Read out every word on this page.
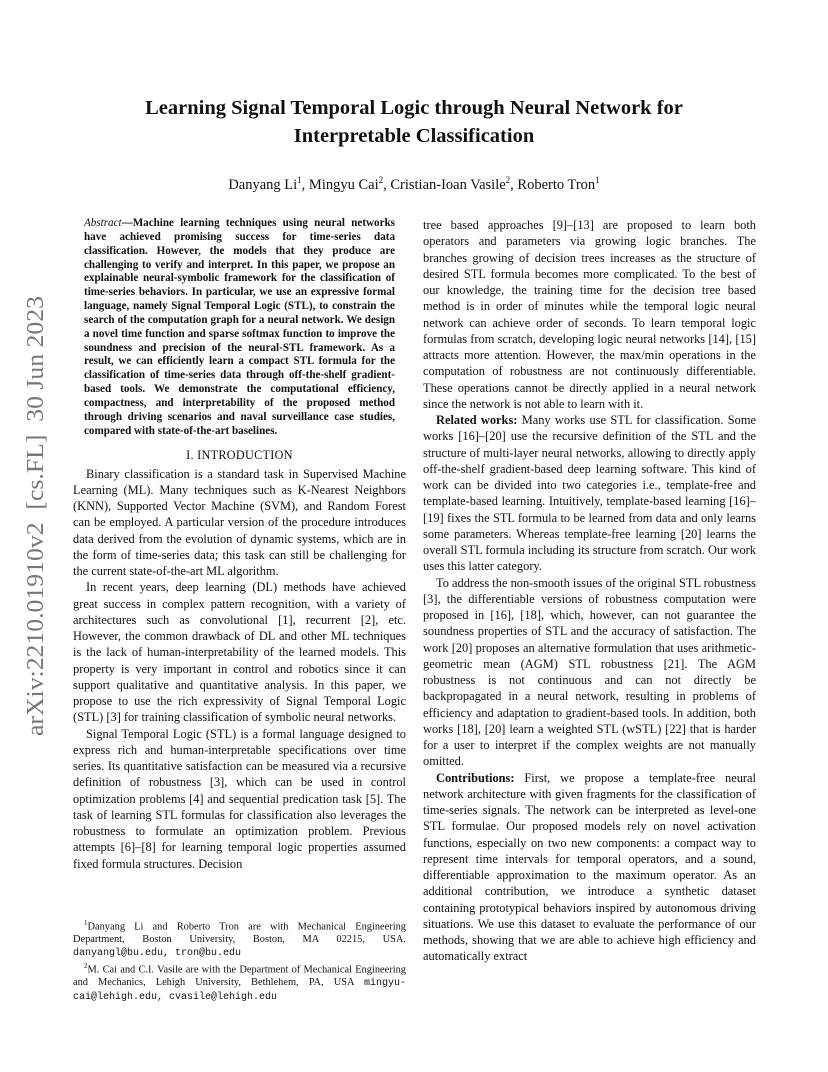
arXiv:2210.01910v2  [cs.FL]  30 Jun 2023
Learning Signal Temporal Logic through Neural Network for Interpretable Classification
Danyang Li$^1$, Mingyu Cai$^2$, Cristian-Ioan Vasile$^2$, Roberto Tron$^1$

Abstract—Machine learning techniques using neural networks have achieved promising success for time-series data classification. However, the models that they produce are challenging to verify and interpret. In this paper, we propose an explainable neural-symbolic framework for the classification of time-series behaviors. In particular, we use an expressive formal language, namely Signal Temporal Logic (STL), to constrain the search of the computation graph for a neural network. We design a novel time function and sparse softmax function to improve the soundness and precision of the neural-STL framework. As a result, we can efficiently learn a compact STL formula for the classification of time-series data through off-the-shelf gradient-based tools. We demonstrate the computational efficiency, compactness, and interpretability of the proposed method through driving scenarios and naval surveillance case studies, compared with state-of-the-art baselines.

I. INTRODUCTION

Binary classification is a standard task in Supervised Machine Learning (ML). Many techniques such as K-Nearest Neighbors (KNN), Supported Vector Machine (SVM), and Random Forest can be employed. A particular version of the procedure introduces data derived from the evolution of dynamic systems, which are in the form of time-series data; this task can still be challenging for the current state-of-the-art ML algorithm.

In recent years, deep learning (DL) methods have achieved great success in complex pattern recognition, with a variety of architectures such as convolutional [1], recurrent [2], etc. However, the common drawback of DL and other ML techniques is the lack of human-interpretability of the learned models. This property is very important in control and robotics since it can support qualitative and quantitative analysis. In this paper, we propose to use the rich expressivity of Signal Temporal Logic (STL) [3] for training classification of symbolic neural networks.

Signal Temporal Logic (STL) is a formal language designed to express rich and human-interpretable specifications over time series. Its quantitative satisfaction can be measured via a recursive definition of robustness [3], which can be used in control optimization problems [4] and sequential predication task [5]. The task of learning STL formulas for classification also leverages the robustness to formulate an optimization problem. Previous attempts [6]–[8] for learning temporal logic properties assumed fixed formula structures. Decision

$^1$Danyang Li and Roberto Tron are with Mechanical Engineering Department, Boston University, Boston, MA 02215, USA. danyangl@bu.edu, tron@bu.edu

$^2$M. Cai and C.I. Vasile are with the Department of Mechanical Engineering and Mechanics, Lehigh University, Bethlehem, PA, USA mingyu-cai@lehigh.edu, cvasile@lehigh.edu

tree based approaches [9]–[13] are proposed to learn both operators and parameters via growing logic branches. The branches growing of decision trees increases as the structure of desired STL formula becomes more complicated. To the best of our knowledge, the training time for the decision tree based method is in order of minutes while the temporal logic neural network can achieve order of seconds. To learn temporal logic formulas from scratch, developing logic neural networks [14], [15] attracts more attention. However, the max/min operations in the computation of robustness are not continuously differentiable. These operations cannot be directly applied in a neural network since the network is not able to learn with it.

Related works: Many works use STL for classification. Some works [16]–[20] use the recursive definition of the STL and the structure of multi-layer neural networks, allowing to directly apply off-the-shelf gradient-based deep learning software. This kind of work can be divided into two categories i.e., template-free and template-based learning. Intuitively, template-based learning [16]–[19] fixes the STL formula to be learned from data and only learns some parameters. Whereas template-free learning [20] learns the overall STL formula including its structure from scratch. Our work uses this latter category.

To address the non-smooth issues of the original STL robustness [3], the differentiable versions of robustness computation were proposed in [16], [18], which, however, can not guarantee the soundness properties of STL and the accuracy of satisfaction. The work [20] proposes an alternative formulation that uses arithmetic-geometric mean (AGM) STL robustness [21]. The AGM robustness is not continuous and can not directly be backpropagated in a neural network, resulting in problems of efficiency and adaptation to gradient-based tools. In addition, both works [18], [20] learn a weighted STL (wSTL) [22] that is harder for a user to interpret if the complex weights are not manually omitted.

Contributions: First, we propose a template-free neural network architecture with given fragments for the classification of time-series signals. The network can be interpreted as level-one STL formulae. Our proposed models rely on novel activation functions, especially on two new components: a compact way to represent time intervals for temporal operators, and a sound, differentiable approximation to the maximum operator. As an additional contribution, we introduce a synthetic dataset containing prototypical behaviors inspired by autonomous driving situations. We use this dataset to evaluate the performance of our methods, showing that we are able to achieve high efficiency and automatically extract
